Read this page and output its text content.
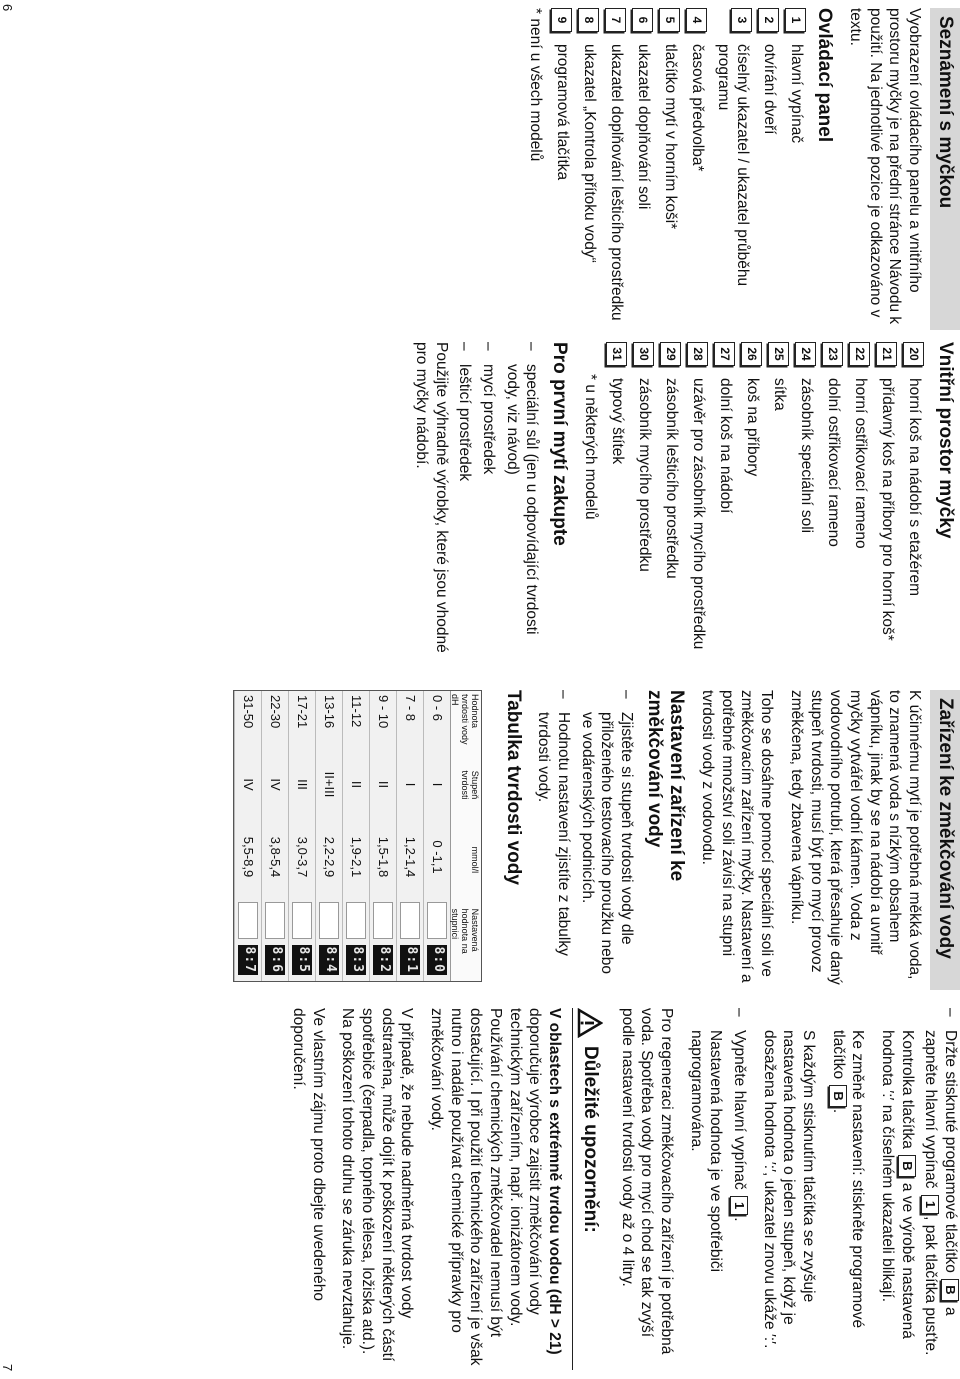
Seznámení s myčkou

Vyobrazení ovládacího panelu a vnitřního prostoru myčky je na přední stránce Návodu k použití. Na jednotlivé pozice je odkazováno v textu.

Ovládací panel
1
hlavní vypínač
2
otvírání dveří
3
číselný ukazatel / ukazatel průběhu programu
4
časová předvolba*
5
tlačítko mytí v horním koši*
6
ukazatel doplňování soli
7
ukazatel doplňování lešticího prostředku
8
ukazatel „Kontrola přítoku vody“
9
programová tlačítka

* není u všech modelů

Vnitřní prostor myčky
20
horní koš na nádobí s etažérem
21
přídavný koš na příbory pro horní koš*
22
horní ostřikovací rameno
23
dolní ostřikovací rameno
24
zásobník speciální soli
25
sítka
26
koš na příbory
27
dolní koš na nádobí
28
uzávěr pro zásobník mycího prostředku
29
zásobník lešticího prostředku
30
zásobník mycího prostředku
31
typový štítek

* u některých modelů

Pro první mytí zakupte
–
speciální sůl (jen u odpovídající tvrdosti vody, viz návod)
–
mycí prostředek
–
lešticí prostředek

Použijte výhradně výrobky, které jsou vhodné pro myčky nádobí.

Zařízení ke změkčování vody

K účinnému mytí je potřebná měkká voda, to znamená voda s nízkým obsahem vápníku, jinak by se na nádobí a uvnitř myčky vytvářel vodní kámen. Voda z vodovodního potrubí, která přesahuje daný stupeň tvrdosti, musí být pro mycí provoz změkčena, tedy zbavena vápníku.

Toho se dosáhne pomocí speciální soli ve změkčovacím zařízení myčky. Nastavení a potřebné množství soli závisí na stupni tvrdosti vody z vodovodu.

Nastavení zařízení ke změkčování vody
–
Zjistěte si stupeň tvrdosti vody dle přiloženého testovacího proužku nebo ve vodárenských podnicích.
–
Hodnotu nastavení zjistíte z tabulky tvrdosti vody.
Tabulka tvrdosti vody
Hodnota tvrdosti vody dH
Stupeň tvrdosti
mmol/l
Nastavená hodnota na stupnici
0 - 6
I
0 -1,1
8:0
7 - 8
I
1,2-1,4
8:1
9 - 10
II
1,5-1,8
8:2
11-12
II
1,9-2,1
8:3
13-16
II+III
2,2-2,9
8:4
17-21
III
3,0-3,7
8:5
22-30
IV
3,8-5,4
8:6
31-50
IV
5,5-8,9
8:7
–
Držte stisknuté programové tlačítko B a zapněte hlavní vypínač 1, pak tlačítka pusťte.

Kontrolka tlačítka B a ve výrobě nastavená hodnota ′:′ na číselném ukazateli blikají.

Ke změně nastavení: stiskněte programové tlačítko B.

S každým stisknutím tlačítka se zvyšuje nastavená hodnota o jeden stupeň, když je dosažena hodnota ′:′, ukazatel znovu ukáže ′:′.

–
Vypněte hlavní vypínač 1.

Nastavená hodnota je ve spotřebiči naprogramována.

Pro regeneraci změkčovacího zařízení je potřebná voda. Spotřeba vody pro mycí chod se tak zvýší podle nastavení tvrdosti vody až o 4 litry.

Důležité upozornění:

V oblastech s extrémně tvrdou vodou (dH > 21) doporučuje výrobce zajistit změkčování vody technickým zařízením, např. ionizátorem vody. Používání chemických změkčovadel nemusí být dostačující. I při použití technického zařízení je však nutno i nadále používat chemické přípravky pro změkčování vody.

V případě, že nebude nadměrná tvrdost vody odstraněna, může dojít k poškození některých částí spotřebiče (čerpadla, topného tělesa, ložiska atd.). Na poškození tohoto druhu se záruka nevztahuje.

Ve vlastním zájmu proto dbejte uvedeného doporučení.

6
7
